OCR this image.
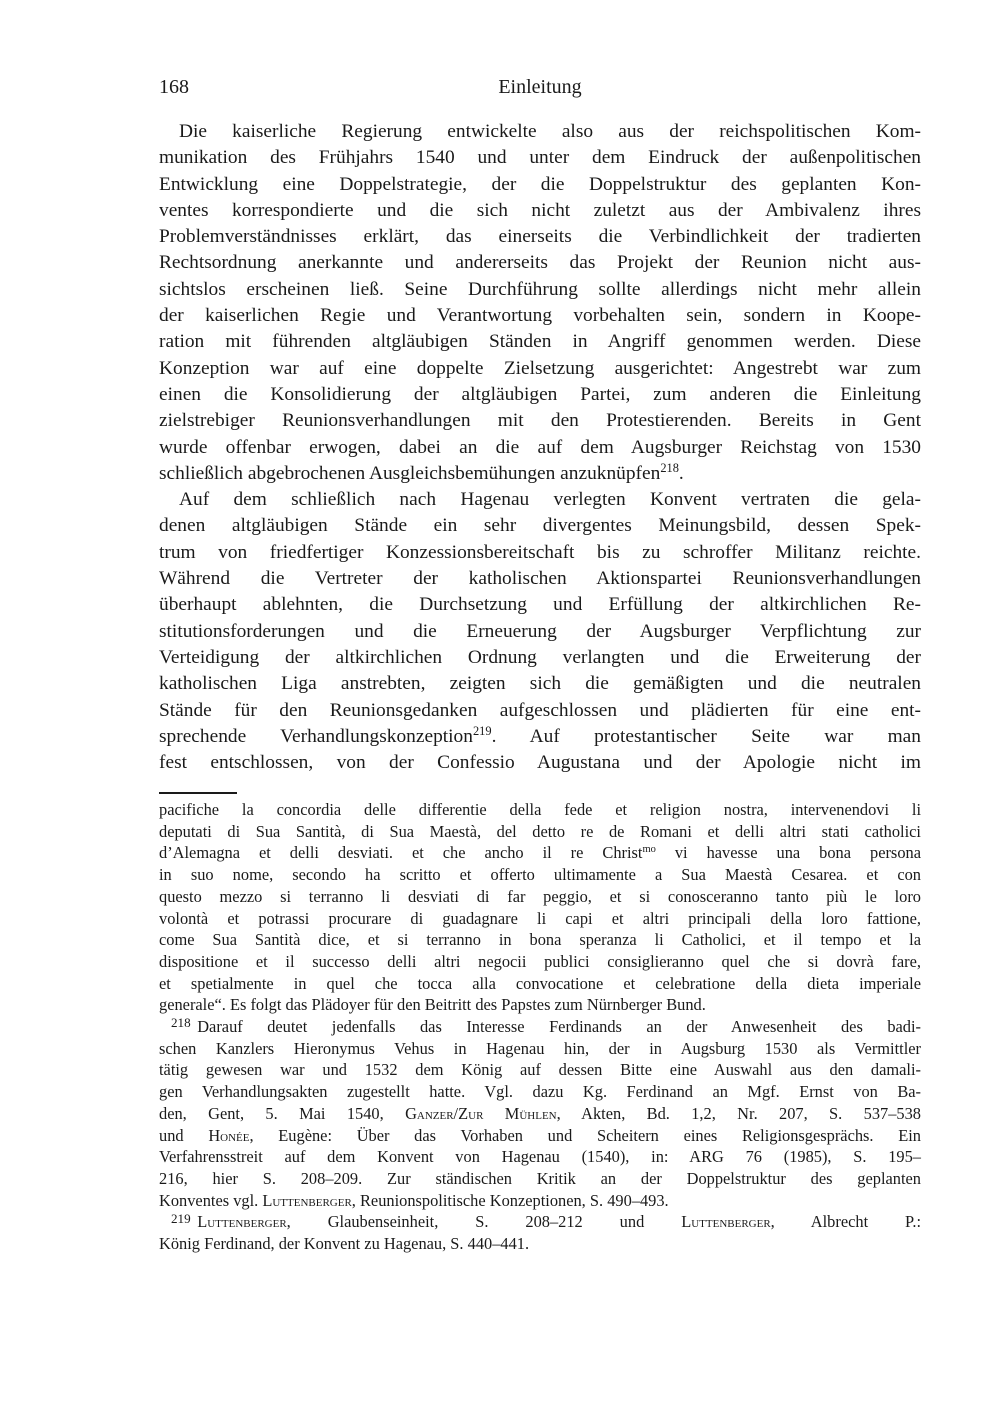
168	Einleitung
Die kaiserliche Regierung entwickelte also aus der reichspolitischen Kom-
munikation des Frühjahrs 1540 und unter dem Eindruck der außenpolitischen
Entwicklung eine Doppelstrategie, der die Doppelstruktur des geplanten Kon-
ventes korrespondierte und die sich nicht zuletzt aus der Ambivalenz ihres
Problemverständnisses erklärt, das einerseits die Verbindlichkeit der tradierten
Rechtsordnung anerkannte und andererseits das Projekt der Reunion nicht aus-
sichtslos erscheinen ließ. Seine Durchführung sollte allerdings nicht mehr allein
der kaiserlichen Regie und Verantwortung vorbehalten sein, sondern in Koope-
ration mit führenden altgläubigen Ständen in Angriff genommen werden. Diese
Konzeption war auf eine doppelte Zielsetzung ausgerichtet: Angestrebt war zum
einen die Konsolidierung der altgläubigen Partei, zum anderen die Einleitung
zielstrebiger Reunionsverhandlungen mit den Protestierenden. Bereits in Gent
wurde offenbar erwogen, dabei an die auf dem Augsburger Reichstag von 1530
schließlich abgebrochenen Ausgleichsbemühungen anzuknüpfen$^{218}$.
Auf dem schließlich nach Hagenau verlegten Konvent vertraten die gela-
denen altgläubigen Stände ein sehr divergentes Meinungsbild, dessen Spek-
trum von friedfertiger Konzessionsbereitschaft bis zu schroffer Militanz reichte.
Während die Vertreter der katholischen Aktionspartei Reunionsverhandlungen
überhaupt ablehnten, die Durchsetzung und Erfüllung der altkirchlichen Re-
stitutionsforderungen und die Erneuerung der Augsburger Verpflichtung zur
Verteidigung der altkirchlichen Ordnung verlangten und die Erweiterung der
katholischen Liga anstrebten, zeigten sich die gemäßigten und die neutralen
Stände für den Reunionsgedanken aufgeschlossen und plädierten für eine ent-
sprechende Verhandlungskonzeption$^{219}$. Auf protestantischer Seite war man
fest entschlossen, von der Confessio Augustana und der Apologie nicht im
pacifiche la concordia delle differentie della fede et religion nostra, intervenendovi li
deputati di Sua Santità, di Sua Maestà, del detto re de Romani et delli altri stati catholici
d’Alemagna et delli desviati. et che ancho il re Christ$^{mo}$ vi havesse una bona persona
in suo nome, secondo ha scritto et offerto ultimamente a Sua Maestà Cesarea. et con
questo mezzo si terranno li desviati di far peggio, et si conosceranno tanto più le loro
volontà et potrassi procurare di guadagnare li capi et altri principali della loro fattione,
come Sua Santità dice, et si terranno in bona speranza li Catholici, et il tempo et la
dispositione et il successo delli altri negocii publici consiglieranno quel che si dovrà fare,
et spetialmente in quel che tocca alla convocatione et celebratione della dieta imperiale
generale“. Es folgt das Plädoyer für den Beitritt des Papstes zum Nürnberger Bund.
$^{218}$ Darauf deutet jedenfalls das Interesse Ferdinands an der Anwesenheit des badi-
schen Kanzlers Hieronymus Vehus in Hagenau hin, der in Augsburg 1530 als Vermittler
tätig gewesen war und 1532 dem König auf dessen Bitte eine Auswahl aus den damali-
gen Verhandlungsakten zugestellt hatte. Vgl. dazu Kg. Ferdinand an Mgf. Ernst von Ba-
den, Gent, 5. Mai 1540, Ganzer/Zur Mühlen, Akten, Bd. 1,2, Nr. 207, S. 537–538
und Honée, Eugène: Über das Vorhaben und Scheitern eines Religionsgesprächs. Ein
Verfahrensstreit auf dem Konvent von Hagenau (1540), in: ARG 76 (1985), S. 195–
216, hier S. 208–209. Zur ständischen Kritik an der Doppelstruktur des geplanten
Konventes vgl. Luttenberger, Reunionspolitische Konzeptionen, S. 490–493.
$^{219}$ Luttenberger, Glaubenseinheit, S. 208–212 und Luttenberger, Albrecht P.:
König Ferdinand, der Konvent zu Hagenau, S. 440–441.
